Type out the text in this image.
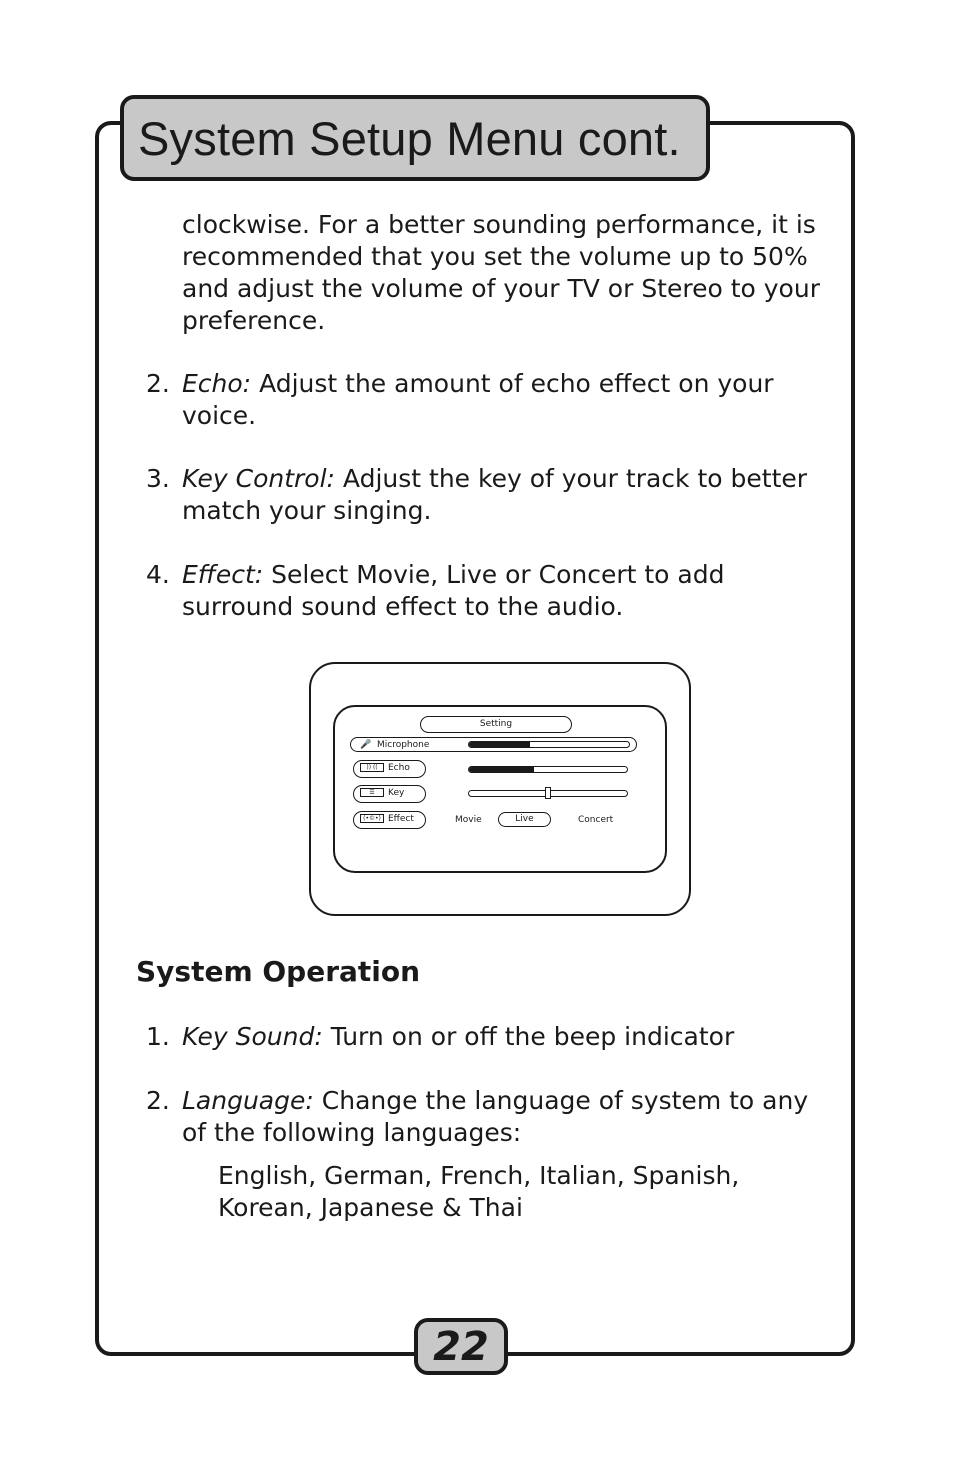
System Setup Menu cont.
clockwise. For a better sounding performance, it is
recommended that you set the volume up to 50%
and adjust the volume of your TV or Stereo to your
preference.
2. Echo: Adjust the amount of echo effect on your
voice.
3. Key Control: Adjust the key of your track to better
match your singing.
4. Effect: Select Movie, Live or Concert to add
surround sound effect to the audio.
Setting
🎤 Microphone
)) ((	Echo
☰	Key
(•©•) Effect	Movie	Live	Concert
System Operation
1. Key Sound: Turn on or off the beep indicator
2. Language: Change the language of system to any
of the following languages:
English, German, French, Italian, Spanish,
Korean, Japanese & Thai
22
